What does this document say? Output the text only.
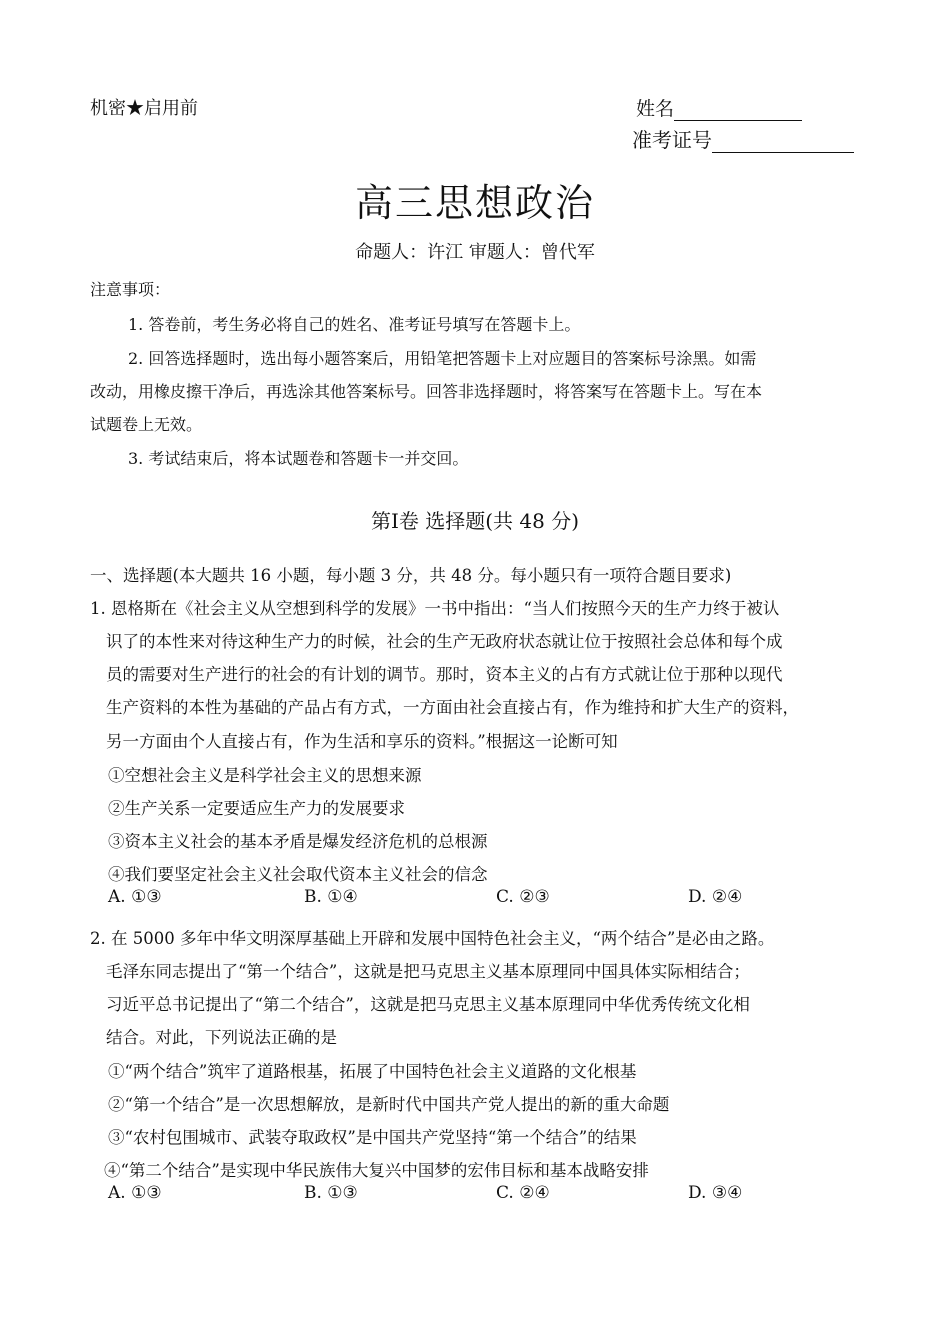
机密★启用前	姓名
准考证号
高三思想政治
命题人：许江 审题人：曾代军
注意事项：
1. 答卷前，考生务必将自己的姓名、准考证号填写在答题卡上。
2. 回答选择题时，选出每小题答案后，用铅笔把答题卡上对应题目的答案标号涂黑。如需
改动，用橡皮擦干净后，再选涂其他答案标号。回答非选择题时，将答案写在答题卡上。写在本
试题卷上无效。
3. 考试结束后，将本试题卷和答题卡一并交回。
第Ⅰ卷 选择题(共 48 分)
一、选择题(本大题共 16 小题，每小题 3 分，共 48 分。每小题只有一项符合题目要求)
1. 恩格斯在《社会主义从空想到科学的发展》一书中指出：“当人们按照今天的生产力终于被认
识了的本性来对待这种生产力的时候，社会的生产无政府状态就让位于按照社会总体和每个成
员的需要对生产进行的社会的有计划的调节。那时，资本主义的占有方式就让位于那种以现代
生产资料的本性为基础的产品占有方式，一方面由社会直接占有，作为维持和扩大生产的资料，
另一方面由个人直接占有，作为生活和享乐的资料。”根据这一论断可知
①空想社会主义是科学社会主义的思想来源
②生产关系一定要适应生产力的发展要求
③资本主义社会的基本矛盾是爆发经济危机的总根源
④我们要坚定社会主义社会取代资本主义社会的信念
A. ①③	B. ①④	C. ②③	D. ②④
2. 在 5000 多年中华文明深厚基础上开辟和发展中国特色社会主义，“两个结合”是必由之路。
毛泽东同志提出了“第一个结合”，这就是把马克思主义基本原理同中国具体实际相结合；
习近平总书记提出了“第二个结合”，这就是把马克思主义基本原理同中华优秀传统文化相
结合。对此，下列说法正确的是
①“两个结合”筑牢了道路根基，拓展了中国特色社会主义道路的文化根基
②“第一个结合”是一次思想解放，是新时代中国共产党人提出的新的重大命题
③“农村包围城市、武装夺取政权”是中国共产党坚持“第一个结合”的结果
④“第二个结合”是实现中华民族伟大复兴中国梦的宏伟目标和基本战略安排
A. ①③	B. ①③	C. ②④	D. ③④
